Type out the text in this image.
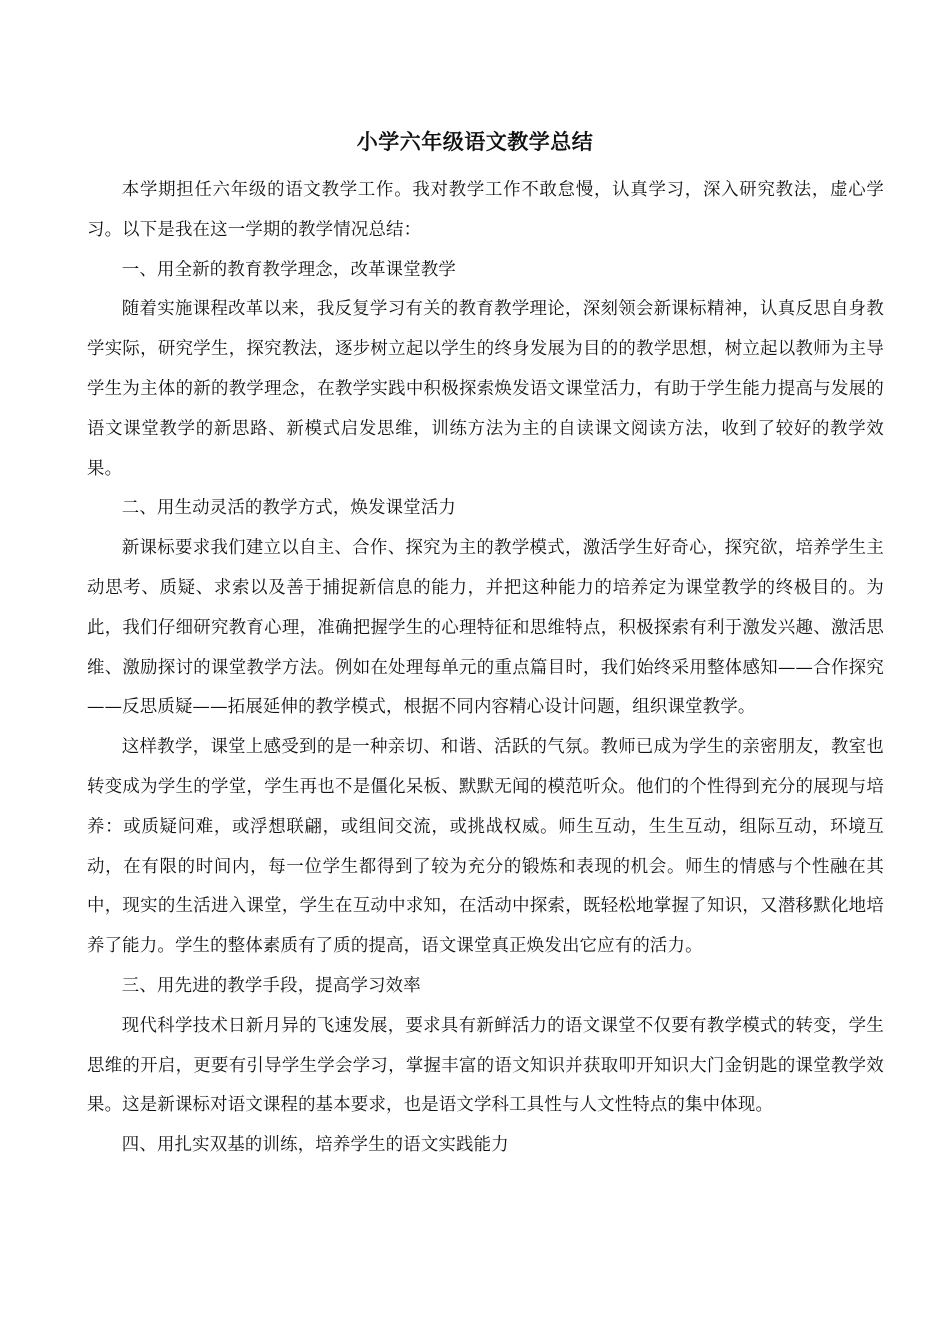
小学六年级语文教学总结

本学期担任六年级的语文教学工作。我对教学工作不敢怠慢，认真学习，深入研究教法，虚心学习。以下是我在这一学期的教学情况总结：

一、用全新的教育教学理念，改革课堂教学

随着实施课程改革以来，我反复学习有关的教育教学理论，深刻领会新课标精神，认真反思自身教学实际，研究学生，探究教法，逐步树立起以学生的终身发展为目的的教学思想，树立起以教师为主导学生为主体的新的教学理念，在教学实践中积极探索焕发语文课堂活力，有助于学生能力提高与发展的语文课堂教学的新思路、新模式启发思维，训练方法为主的自读课文阅读方法，收到了较好的教学效果。

二、用生动灵活的教学方式，焕发课堂活力

新课标要求我们建立以自主、合作、探究为主的教学模式，激活学生好奇心，探究欲，培养学生主动思考、质疑、求索以及善于捕捉新信息的能力，并把这种能力的培养定为课堂教学的终极目的。为此，我们仔细研究教育心理，准确把握学生的心理特征和思维特点，积极探索有利于激发兴趣、激活思维、激励探讨的课堂教学方法。例如在处理每单元的重点篇目时，我们始终采用整体感知——合作探究——反思质疑——拓展延伸的教学模式，根据不同内容精心设计问题，组织课堂教学。

这样教学，课堂上感受到的是一种亲切、和谐、活跃的气氛。教师已成为学生的亲密朋友，教室也转变成为学生的学堂，学生再也不是僵化呆板、默默无闻的模范听众。他们的个性得到充分的展现与培养：或质疑问难，或浮想联翩，或组间交流，或挑战权威。师生互动，生生互动，组际互动，环境互动，在有限的时间内，每一位学生都得到了较为充分的锻炼和表现的机会。师生的情感与个性融在其中，现实的生活进入课堂，学生在互动中求知，在活动中探索，既轻松地掌握了知识，又潜移默化地培养了能力。学生的整体素质有了质的提高，语文课堂真正焕发出它应有的活力。

三、用先进的教学手段，提高学习效率

现代科学技术日新月异的飞速发展，要求具有新鲜活力的语文课堂不仅要有教学模式的转变，学生思维的开启，更要有引导学生学会学习，掌握丰富的语文知识并获取叩开知识大门金钥匙的课堂教学效果。这是新课标对语文课程的基本要求，也是语文学科工具性与人文性特点的集中体现。

四、用扎实双基的训练，培养学生的语文实践能力
